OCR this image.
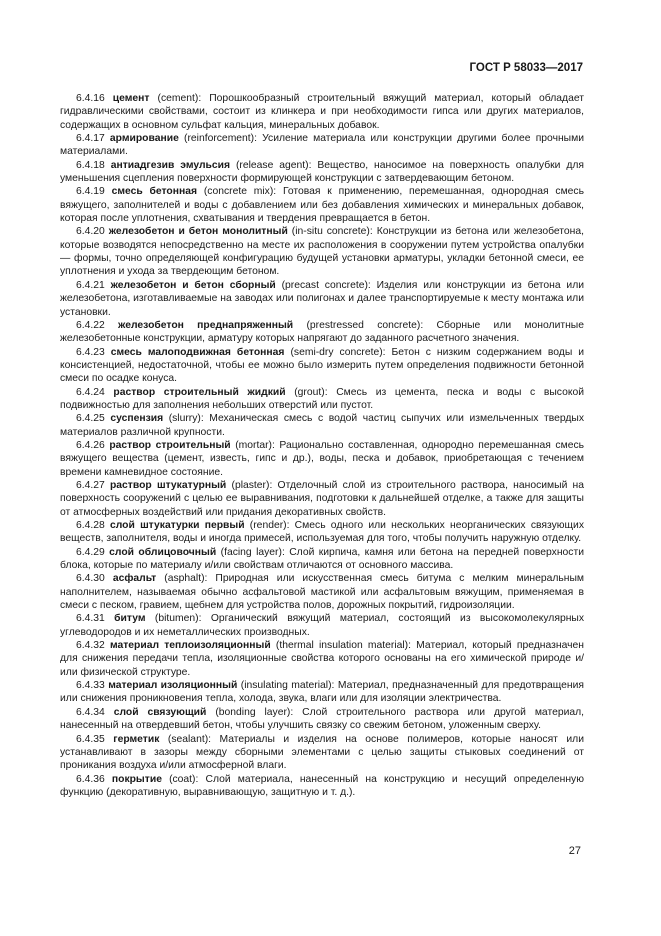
ГОСТ Р 58033—2017

6.4.16 цемент (cement): Порошкообразный строительный вяжущий материал, который обладает гидравлическими свойствами, состоит из клинкера и при необходимости гипса или других материалов, содержащих в основном сульфат кальция, минеральных добавок.

6.4.17 армирование (reinforcement): Усиление материала или конструкции другими более прочными материалами.

6.4.18 антиадгезив эмульсия (release agent): Вещество, наносимое на поверхность опалубки для уменьшения сцепления поверхности формирующей конструкции с затвердевающим бетоном.

6.4.19 смесь бетонная (concrete mix): Готовая к применению, перемешанная, однородная смесь вяжущего, заполнителей и воды с добавлением или без добавления химических и минеральных добавок, которая после уплотнения, схватывания и твердения превращается в бетон.

6.4.20 железобетон и бетон монолитный (in-situ concrete): Конструкции из бетона или железобетона, которые возводятся непосредственно на месте их расположения в сооружении путем устройства опалубки — формы, точно определяющей конфигурацию будущей установки арматуры, укладки бетонной смеси, ее уплотнения и ухода за твердеющим бетоном.

6.4.21 железобетон и бетон сборный (precast concrete): Изделия или конструкции из бетона или железобетона, изготавливаемые на заводах или полигонах и далее транспортируемые к месту монтажа или установки.

6.4.22 железобетон преднапряженный (prestressed concrete): Сборные или монолитные железобетонные конструкции, арматуру которых напрягают до заданного расчетного значения.

6.4.23 смесь малоподвижная бетонная (semi-dry concrete): Бетон с низким содержанием воды и консистенцией, недостаточной, чтобы ее можно было измерить путем определения подвижности бетонной смеси по осадке конуса.

6.4.24 раствор строительный жидкий (grout): Смесь из цемента, песка и воды с высокой подвижностью для заполнения небольших отверстий или пустот.

6.4.25 суспензия (slurry): Механическая смесь с водой частиц сыпучих или измельченных твердых материалов различной крупности.

6.4.26 раствор строительный (mortar): Рационально составленная, однородно перемешанная смесь вяжущего вещества (цемент, известь, гипс и др.), воды, песка и добавок, приобретающая с течением времени камневидное состояние.

6.4.27 раствор штукатурный (plaster): Отделочный слой из строительного раствора, наносимый на поверхность сооружений с целью ее выравнивания, подготовки к дальнейшей отделке, а также для защиты от атмосферных воздействий или придания декоративных свойств.

6.4.28 слой штукатурки первый (render): Смесь одного или нескольких неорганических связующих веществ, заполнителя, воды и иногда примесей, используемая для того, чтобы получить наружную отделку.

6.4.29 слой облицовочный (facing layer): Слой кирпича, камня или бетона на передней поверхности блока, которые по материалу и/или свойствам отличаются от основного массива.

6.4.30 асфальт (asphalt): Природная или искусственная смесь битума с мелким минеральным наполнителем, называемая обычно асфальтовой мастикой или асфальтовым вяжущим, применяемая в смеси с песком, гравием, щебнем для устройства полов, дорожных покрытий, гидроизоляции.

6.4.31 битум (bitumen): Органический вяжущий материал, состоящий из высокомолекулярных углеводородов и их неметаллических производных.

6.4.32 материал теплоизоляционный (thermal insulation material): Материал, который предназначен для снижения передачи тепла, изоляционные свойства которого основаны на его химической природе и/или физической структуре.

6.4.33 материал изоляционный (insulating material): Материал, предназначенный для предотвращения или снижения проникновения тепла, холода, звука, влаги или для изоляции электричества.

6.4.34 слой связующий (bonding layer): Слой строительного раствора или другой материал, нанесенный на отвердевший бетон, чтобы улучшить связку со свежим бетоном, уложенным сверху.

6.4.35 герметик (sealant): Материалы и изделия на основе полимеров, которые наносят или устанавливают в зазоры между сборными элементами с целью защиты стыковых соединений от проникания воздуха и/или атмосферной влаги.

6.4.36 покрытие (coat): Слой материала, нанесенный на конструкцию и несущий определенную функцию (декоративную, выравнивающую, защитную и т. д.).

27
